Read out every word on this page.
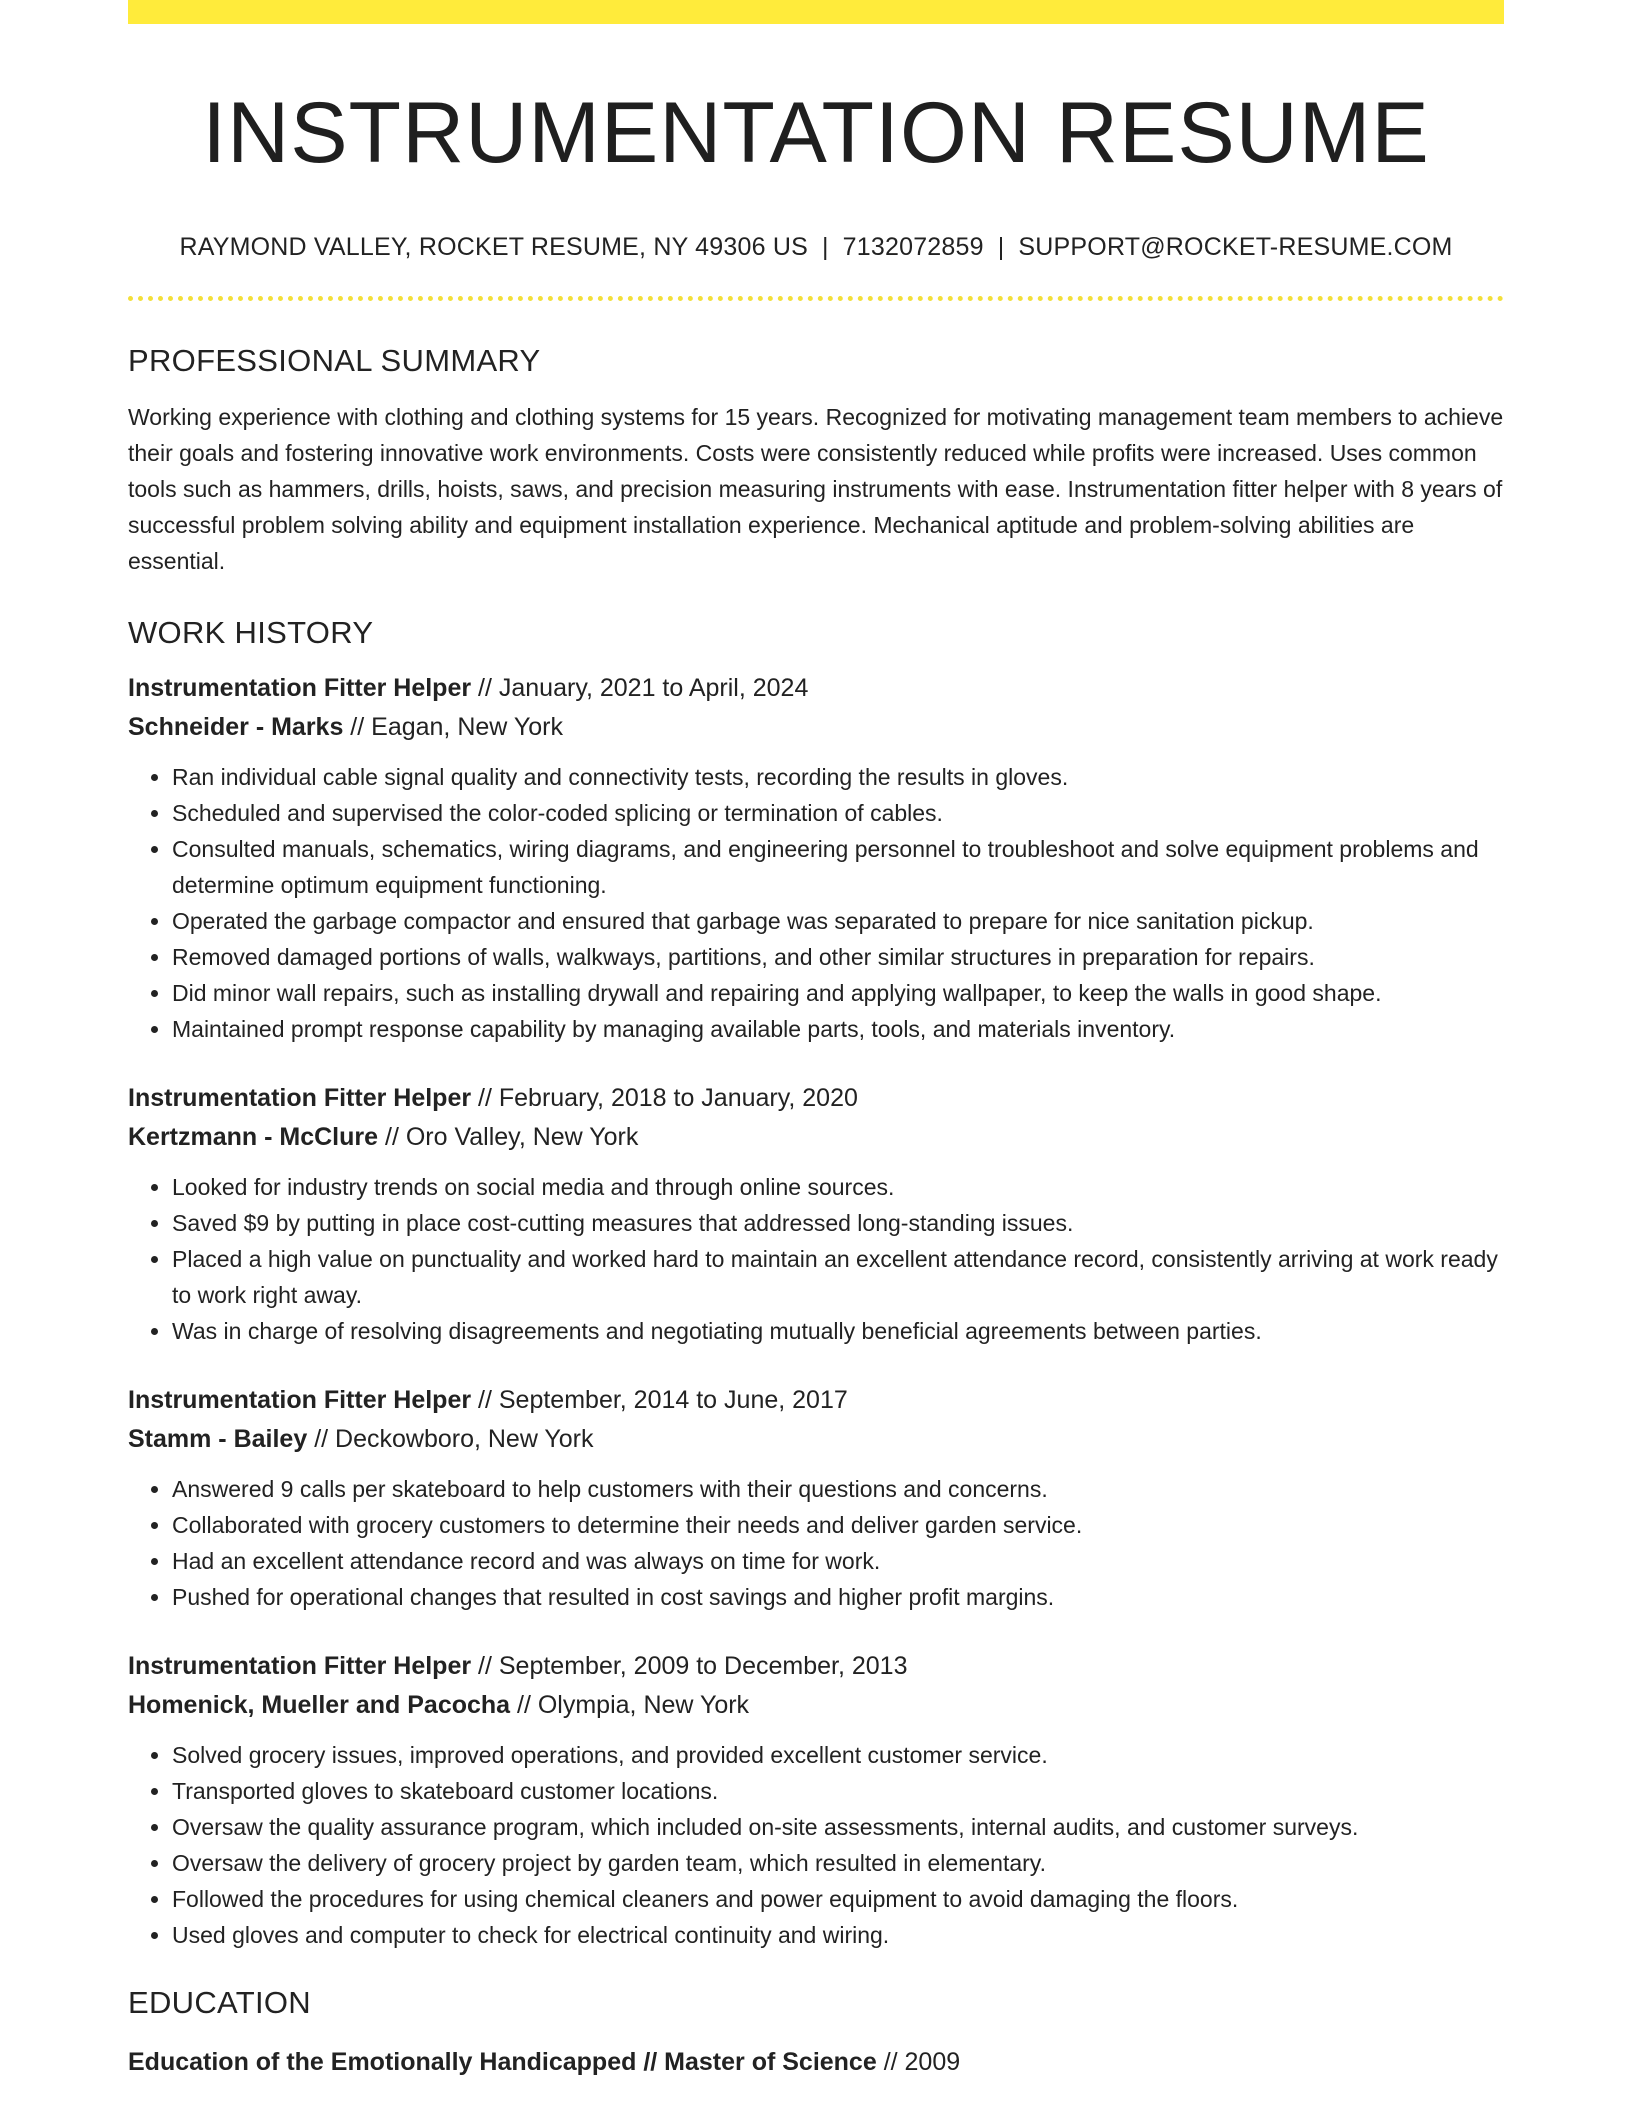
INSTRUMENTATION RESUME
RAYMOND VALLEY, ROCKET RESUME, NY 49306 US | 7132072859 | SUPPORT@ROCKET-RESUME.COM
PROFESSIONAL SUMMARY

Working experience with clothing and clothing systems for 15 years. Recognized for motivating management team members to achieve their goals and fostering innovative work environments. Costs were consistently reduced while profits were increased. Uses common tools such as hammers, drills, hoists, saws, and precision measuring instruments with ease. Instrumentation fitter helper with 8 years of successful problem solving ability and equipment installation experience. Mechanical aptitude and problem-solving abilities are essential.

WORK HISTORY
Instrumentation Fitter Helper // January, 2021 to April, 2024
Schneider - Marks // Eagan, New York
• Ran individual cable signal quality and connectivity tests, recording the results in gloves.
• Scheduled and supervised the color-coded splicing or termination of cables.
• Consulted manuals, schematics, wiring diagrams, and engineering personnel to troubleshoot and solve equipment problems and determine optimum equipment functioning.
• Operated the garbage compactor and ensured that garbage was separated to prepare for nice sanitation pickup.
• Removed damaged portions of walls, walkways, partitions, and other similar structures in preparation for repairs.
• Did minor wall repairs, such as installing drywall and repairing and applying wallpaper, to keep the walls in good shape.
• Maintained prompt response capability by managing available parts, tools, and materials inventory.
Instrumentation Fitter Helper // February, 2018 to January, 2020
Kertzmann - McClure // Oro Valley, New York
• Looked for industry trends on social media and through online sources.
• Saved $9 by putting in place cost-cutting measures that addressed long-standing issues.
• Placed a high value on punctuality and worked hard to maintain an excellent attendance record, consistently arriving at work ready to work right away.
• Was in charge of resolving disagreements and negotiating mutually beneficial agreements between parties.
Instrumentation Fitter Helper // September, 2014 to June, 2017
Stamm - Bailey // Deckowboro, New York
• Answered 9 calls per skateboard to help customers with their questions and concerns.
• Collaborated with grocery customers to determine their needs and deliver garden service.
• Had an excellent attendance record and was always on time for work.
• Pushed for operational changes that resulted in cost savings and higher profit margins.
Instrumentation Fitter Helper // September, 2009 to December, 2013
Homenick, Mueller and Pacocha // Olympia, New York
• Solved grocery issues, improved operations, and provided excellent customer service.
• Transported gloves to skateboard customer locations.
• Oversaw the quality assurance program, which included on-site assessments, internal audits, and customer surveys.
• Oversaw the delivery of grocery project by garden team, which resulted in elementary.
• Followed the procedures for using chemical cleaners and power equipment to avoid damaging the floors.
• Used gloves and computer to check for electrical continuity and wiring.
EDUCATION
Education of the Emotionally Handicapped // Master of Science // 2009
